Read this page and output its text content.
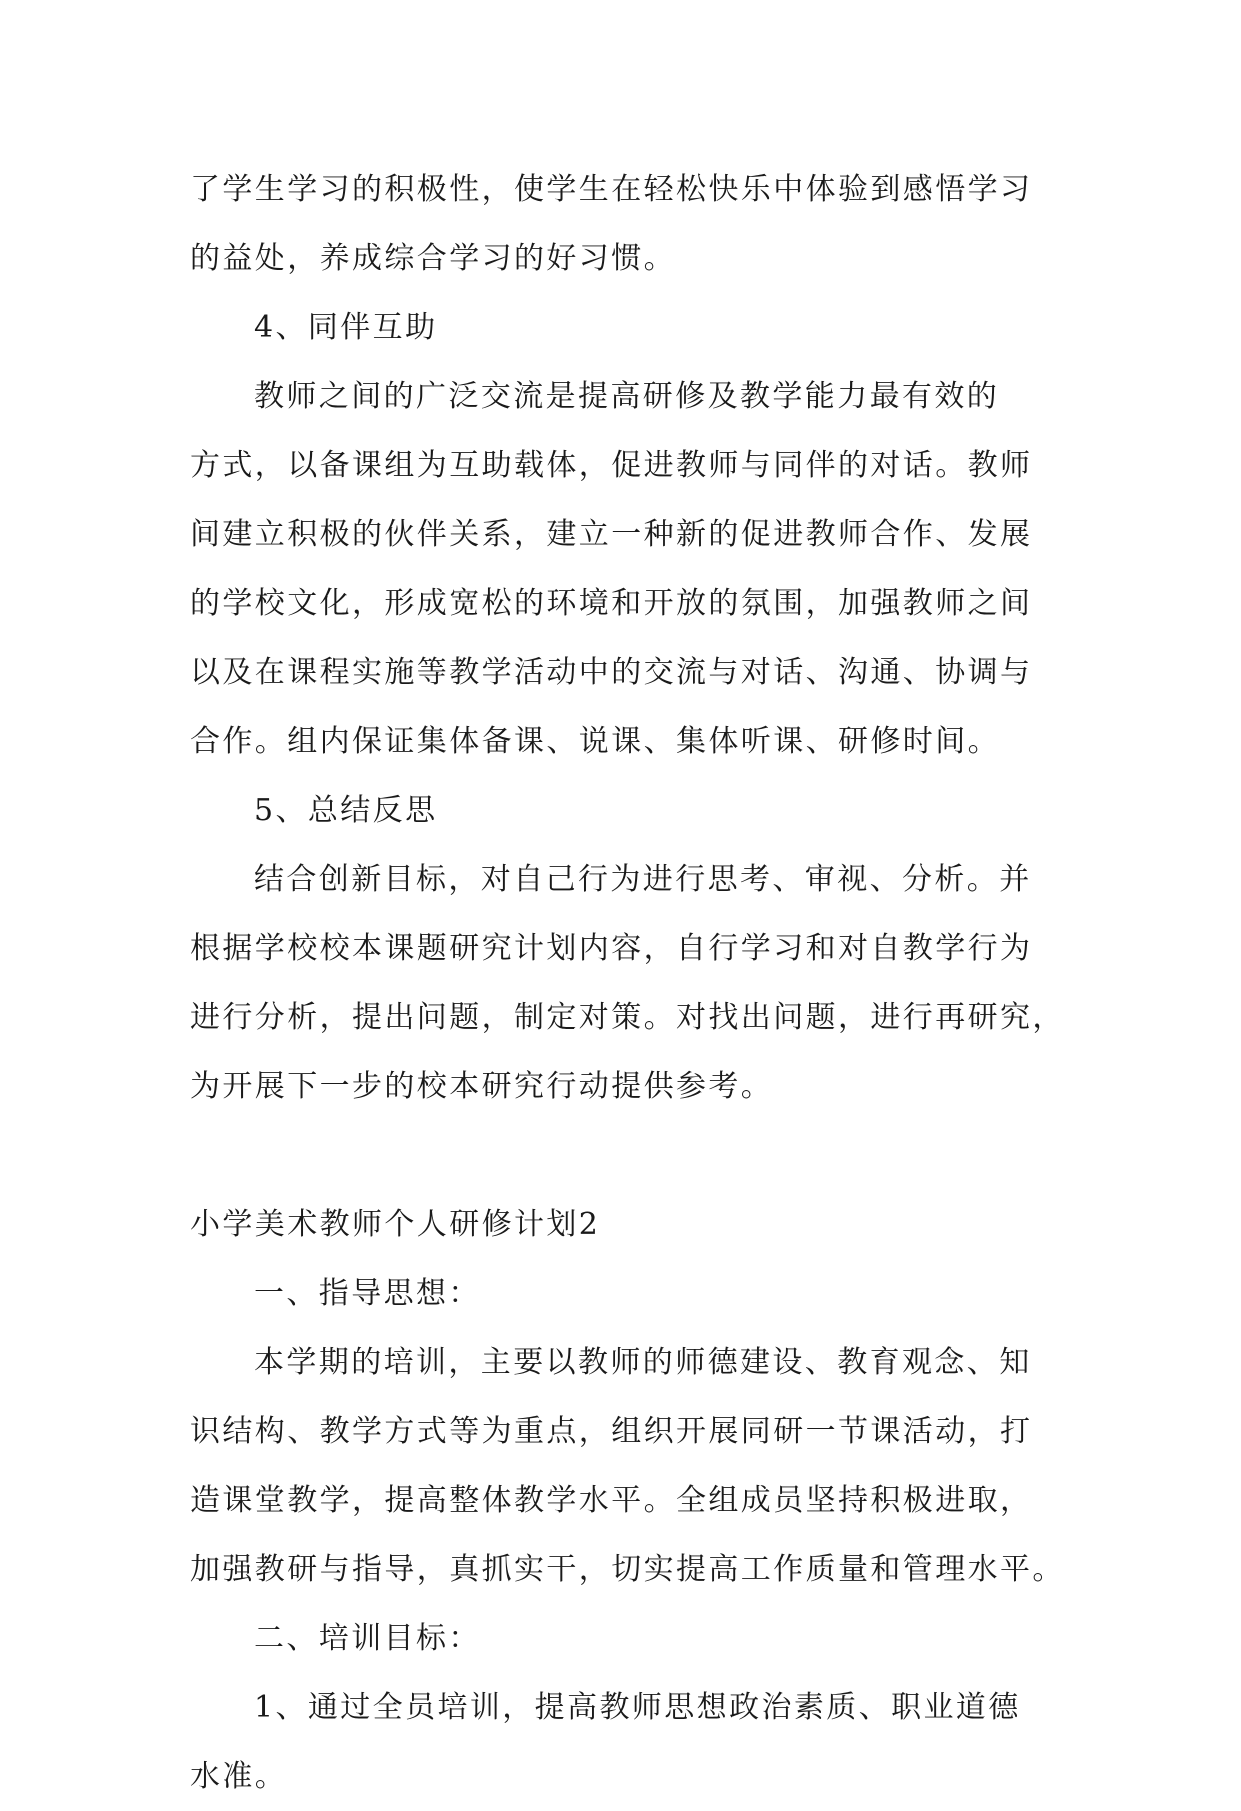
了学生学习的积极性，使学生在轻松快乐中体验到感悟学习
的益处，养成综合学习的好习惯。
4、同伴互助
教师之间的广泛交流是提高研修及教学能力最有效的
方式，以备课组为互助载体，促进教师与同伴的对话。教师
间建立积极的伙伴关系，建立一种新的促进教师合作、发展
的学校文化，形成宽松的环境和开放的氛围，加强教师之间
以及在课程实施等教学活动中的交流与对话、沟通、协调与
合作。组内保证集体备课、说课、集体听课、研修时间。
5、总结反思
结合创新目标，对自己行为进行思考、审视、分析。并
根据学校校本课题研究计划内容，自行学习和对自教学行为
进行分析，提出问题，制定对策。对找出问题，进行再研究，
为开展下一步的校本研究行动提供参考。
小学美术教师个人研修计划2
一、指导思想：
本学期的培训，主要以教师的师德建设、教育观念、知
识结构、教学方式等为重点，组织开展同研一节课活动，打
造课堂教学，提高整体教学水平。全组成员坚持积极进取，
加强教研与指导，真抓实干，切实提高工作质量和管理水平。
二、培训目标：
1、通过全员培训，提高教师思想政治素质、职业道德
水准。
